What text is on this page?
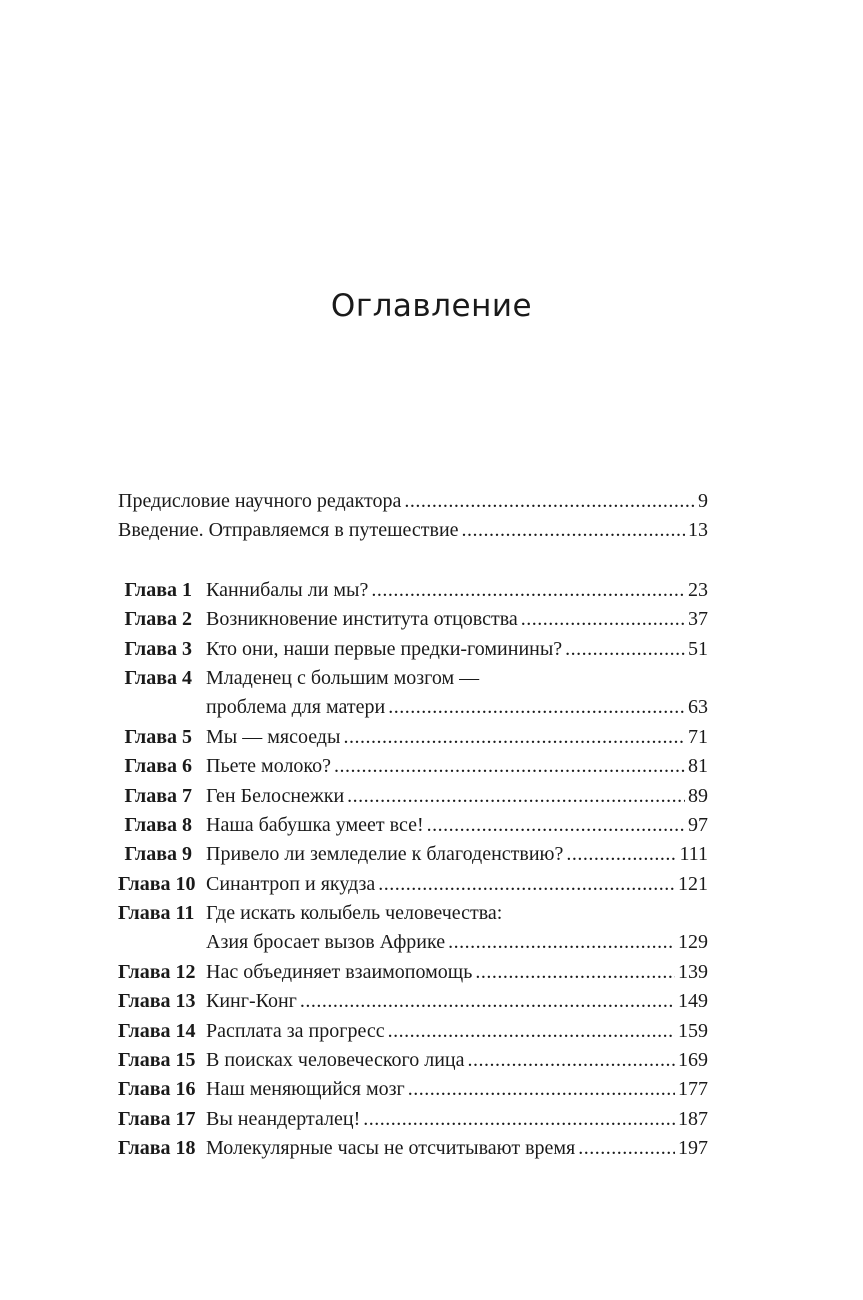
Оглавление
Предисловие научного редактора .....	9
Введение. Отправляемся в путешествие .....	13
Глава 1 Каннибалы ли мы? .....	23
Глава 2 Возникновение института отцовства .....	37
Глава 3 Кто они, наши первые предки-гоминины? .....	51
Глава 4 Младенец с большим мозгом —
проблема для матери .....	63
Глава 5 Мы — мясоеды .....	71
Глава 6 Пьете молоко? .....	81
Глава 7 Ген Белоснежки .....	89
Глава 8 Наша бабушка умеет все! .....	97
Глава 9 Привело ли земледелие к благоденствию? .....	111
Глава 10 Синантроп и якудза .....	121
Глава 11 Где искать колыбель человечества:
Азия бросает вызов Африке .....	129
Глава 12 Нас объединяет взаимопомощь .....	139
Глава 13 Кинг-Конг .....	149
Глава 14 Расплата за прогресс .....	159
Глава 15 В поисках человеческого лица .....	169
Глава 16 Наш меняющийся мозг .....	177
Глава 17 Вы неандерталец! .....	187
Глава 18 Молекулярные часы не отсчитывают время .....	197
